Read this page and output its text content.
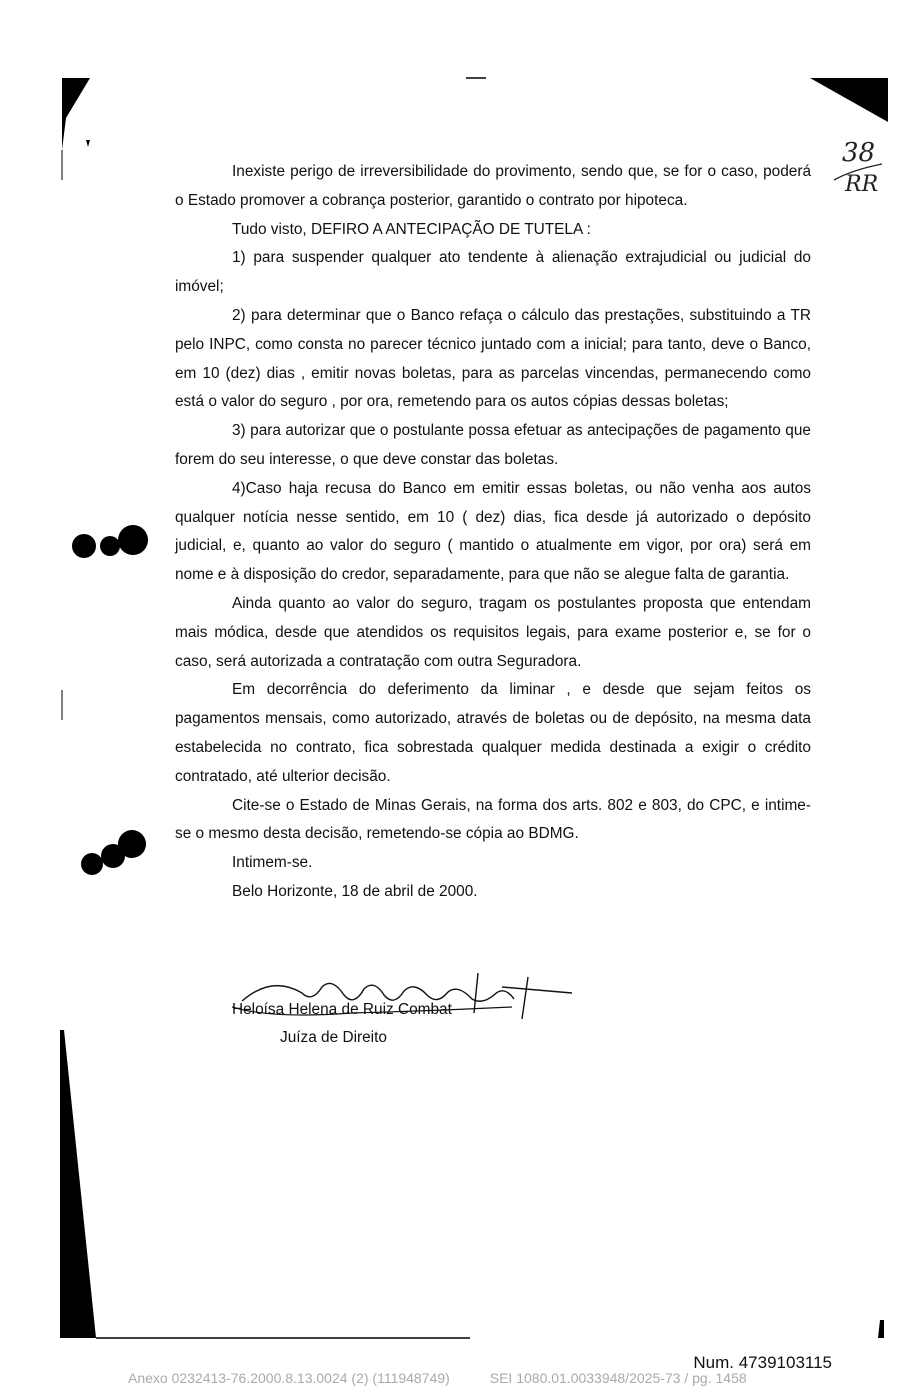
38
RR

Inexiste perigo de irreversibilidade do provimento, sendo que, se for o caso, poderá o Estado promover a cobrança posterior, garantido o contrato por hipoteca.

Tudo visto, DEFIRO A ANTECIPAÇÃO DE TUTELA :

1) para suspender qualquer ato tendente à alienação extrajudicial ou judicial do imóvel;

2) para determinar que o Banco refaça o cálculo das prestações, substituindo a TR pelo INPC, como consta no parecer técnico juntado com a inicial; para tanto, deve o Banco, em 10 (dez) dias , emitir novas boletas, para as parcelas vincendas, permanecendo como está o valor do seguro , por ora, remetendo para os autos cópias dessas boletas;

3) para autorizar que o postulante possa efetuar as antecipações de pagamento que forem do seu interesse, o que deve constar das boletas.

4)Caso haja recusa do Banco em emitir essas boletas, ou não venha aos autos qualquer notícia nesse sentido, em 10 ( dez) dias, fica desde já autorizado o depósito judicial, e, quanto ao valor do seguro ( mantido o atualmente em vigor, por ora) será em nome e à disposição do credor, separadamente, para que não se alegue falta de garantia.

Ainda quanto ao valor do seguro, tragam os postulantes proposta que entendam mais módica, desde que atendidos os requisitos legais, para exame posterior e, se for o caso, será autorizada a contratação com outra Seguradora.

Em decorrência do deferimento da liminar , e desde que sejam feitos os pagamentos mensais, como autorizado, através de boletas ou de depósito, na mesma data estabelecida no contrato, fica sobrestada qualquer medida destinada a exigir o crédito contratado, até ulterior decisão.

Cite-se o Estado de Minas Gerais, na forma dos arts. 802 e 803, do CPC, e intime-se o mesmo desta decisão, remetendo-se cópia ao BDMG.

Intimem-se.

Belo Horizonte, 18 de abril de 2000.

Heloísa Helena de Ruiz Combat
Juíza de Direito
Num. 4739103115
Anexo 0232413-76.2000.8.13.0024 (2) (111948749)	SEI 1080.01.0033948/2025-73 / pg. 1458
